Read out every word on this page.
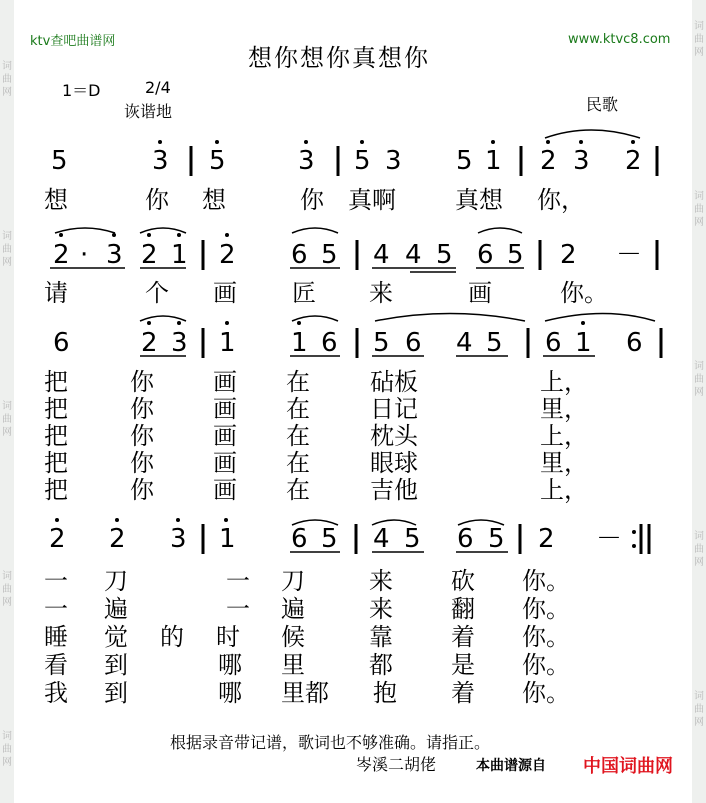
词曲网
词曲网
词曲网
词曲网
词曲网
词曲网
词曲网
词曲网
词曲网
词曲网
ktv查吧曲谱网	www.ktvc8.com
想你想你真想你
1＝D	2/4
诙谐地	民歌
5	3 5	3 5 3 5 1 2 3 2
想	你 想	你 真啊 真想 你，
2 · 3 2 1 2 6 5 4 4 5 6 5 2 －
请	个 画 匠 来	画	你。
6	2 3 1 1 6 5 6 4 5 6 1 6
把	你 画 在	砧板	上，
把	你 画 在	日记	里，
把	你 画 在	枕头	上，
把	你 画 在	眼球	里，
把	你 画 在	吉他	上，
2 2 3 1 6 5 4 5 6 5 2 －
一 刀	一 刀	来 砍 你。
一 遍	一 遍	来 翻 你。
睡 觉 的 时 候	靠 着 你。
看 到	哪 里	都 是 你。
我 到	哪 里都 抱 着 你。
根据录音带记谱，歌词也不够准确。请指正。
岑溪二胡佬	本曲谱源自 中国词曲网
